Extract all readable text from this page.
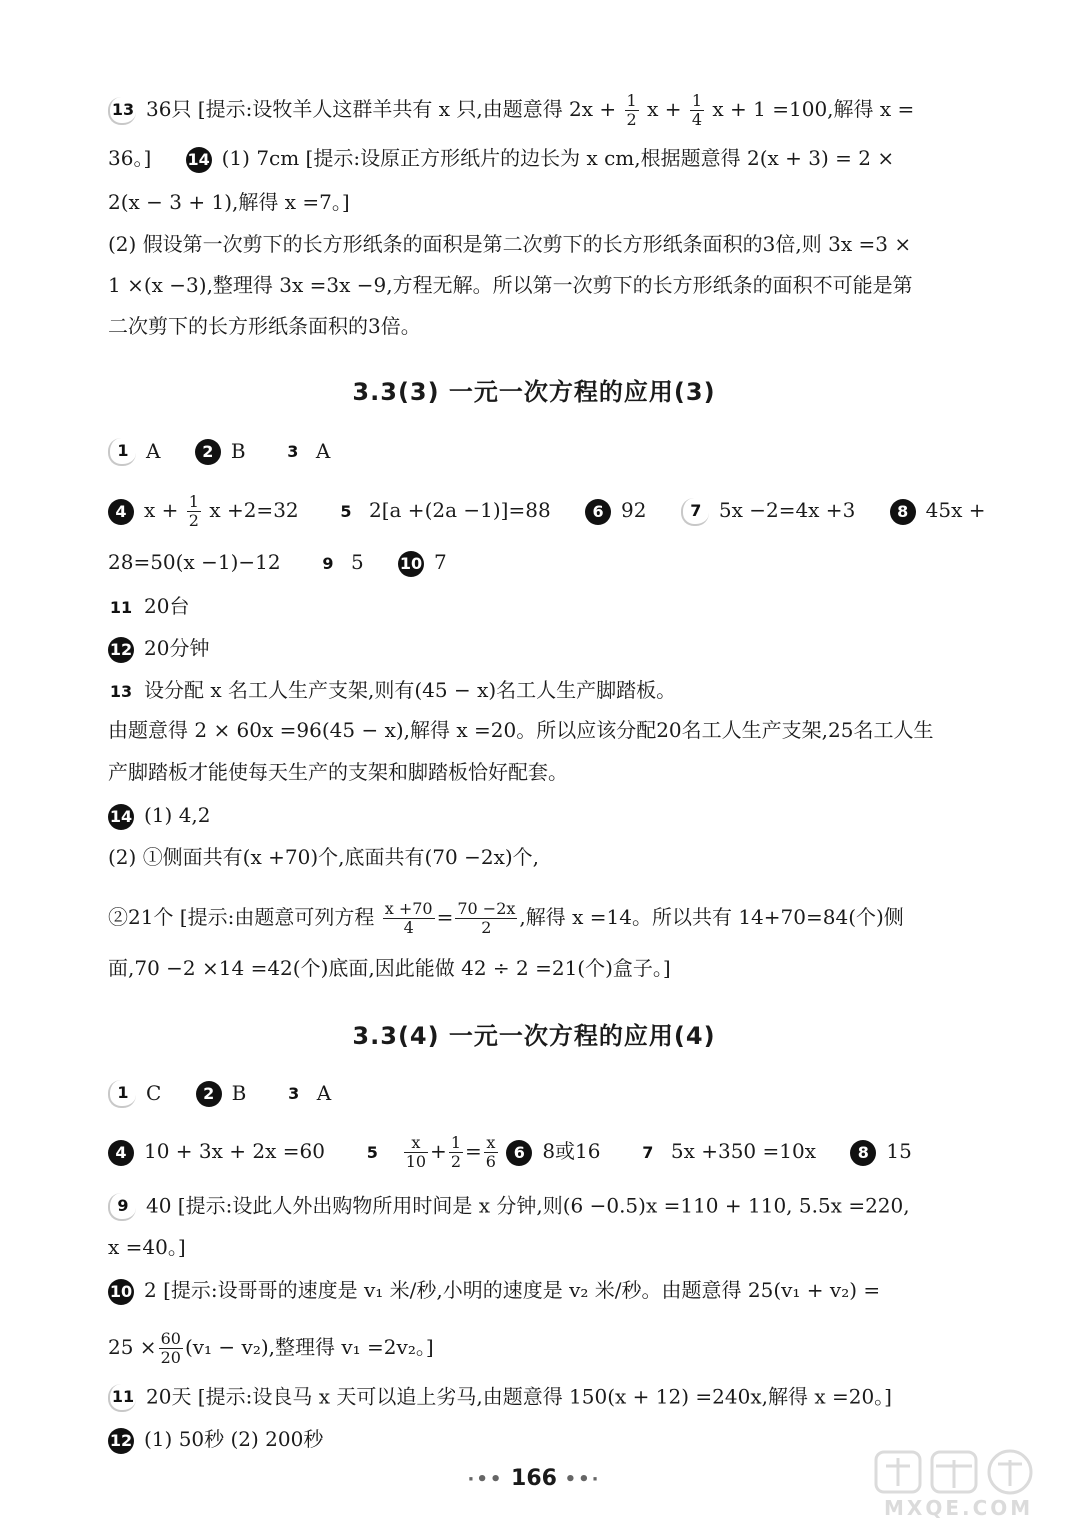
13 36只 [提示:设牧羊人这群羊共有 x 只,由题意得 $2x + \frac{1}{2}$ $x + \frac{1}{4}$ x + 1 =100,解得 x =
36。] 14 (1) 7cm [提示:设原正方形纸片的边长为 x cm,根据题意得 2(x + 3) = 2 ×
2(x − 3 + 1),解得 x =7。]
(2) 假设第一次剪下的长方形纸条的面积是第二次剪下的长方形纸条面积的3倍,则 3x =3 ×
1 ×(x −3),整理得 3x =3x −9,方程无解。所以第一次剪下的长方形纸条的面积不可能是第
二次剪下的长方形纸条面积的3倍。
3.3(3) 一元一次方程的应用(3)
1 A	2 B	3 A
4 $x + \frac{1}{2}$ x +2=32	5 2[a +(2a −1)]=88	6 92	7 5x −2=4x +3	8 45x +
28=50(x −1)−12	9 5 10 7
11 20台
12 20分钟
13 设分配 x 名工人生产支架,则有(45 − x)名工人生产脚踏板。
由题意得 2 × 60x =96(45 − x),解得 x =20。所以应该分配20名工人生产支架,25名工人生
产脚踏板才能使每天生产的支架和脚踏板恰好配套。
14 (1) 4,2
(2) ①侧面共有(x +70)个,底面共有(70 −2x)个,
②21个 [提示:由题意可列方程 $\frac{x +70}{4} = \frac{70 -2x}{2}$ ,解得 x =14。所以共有 14+70=84(个)侧
面,70 −2 ×14 =42(个)底面,因此能做 42 ÷ 2 =21(个)盒子。]
3.3(4) 一元一次方程的应用(4)
1 C	2 B	3 A
4 10 + 3x + 2x =60	$5 \frac{x}{10} + \frac{1}{2} = \frac{x}{6} 6$ 8或16	7 5x +350 =10x	8 15
9 40 [提示:设此人外出购物所用时间是 x 分钟,则(6 −0.5)x =110 + 110, 5.5x =220,
x =40。]
10 2 [提示:设哥哥的速度是 v₁ 米/秒,小明的速度是 v₂ 米/秒。由题意得 25(v₁ + v₂) =
$25 \times \frac{60}{20} (v_1 - v_2)$,整理得 v₁ =2v₂。]
11 20天 [提示:设良马 x 天可以追上劣马,由题意得 150(x + 12) =240x,解得 x =20。]
12 (1) 50秒 (2) 200秒
·•• 166 ••·
MXQE.COM
